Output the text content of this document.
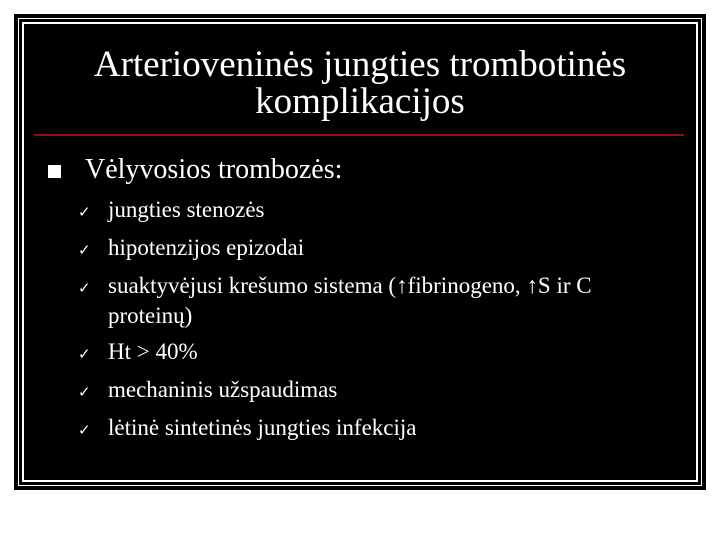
Arterioveninės jungties trombotinės komplikacijos
Vėlyvosios trombozės:
✓ jungties stenozės
✓ hipotenzijos epizodai
✓ suaktyvėjusi krešumo sistema (↑fibrinogeno, ↑S ir C proteinų)
✓ Ht > 40%
✓ mechaninis užspaudimas
✓ lėtinė sintetinės jungties infekcija
